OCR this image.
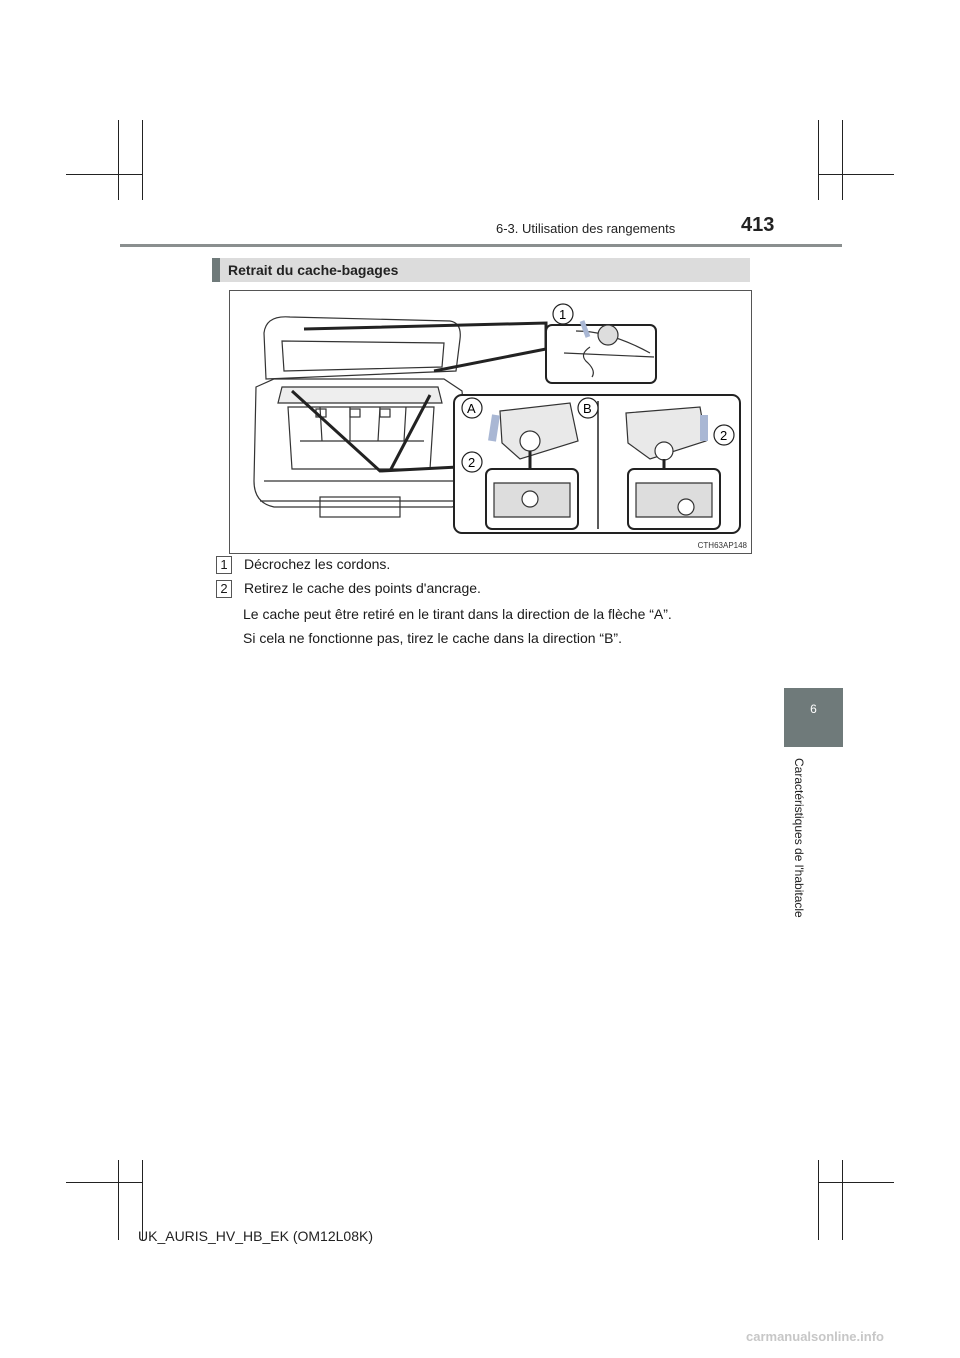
6-3. Utilisation des rangements	413
6
Caractéristiques de l'habitacle
Retrait du cache-bagages
1
A	B
2
2
CTH63AP148
1 Décrochez les cordons.
2 Retirez le cache des points d'ancrage.
Le cache peut être retiré en le tirant dans la direction de la flèche “A”.
Si cela ne fonctionne pas, tirez le cache dans la direction “B”.
UK_AURIS_HV_HB_EK (OM12L08K)
carmanualsonline.info
